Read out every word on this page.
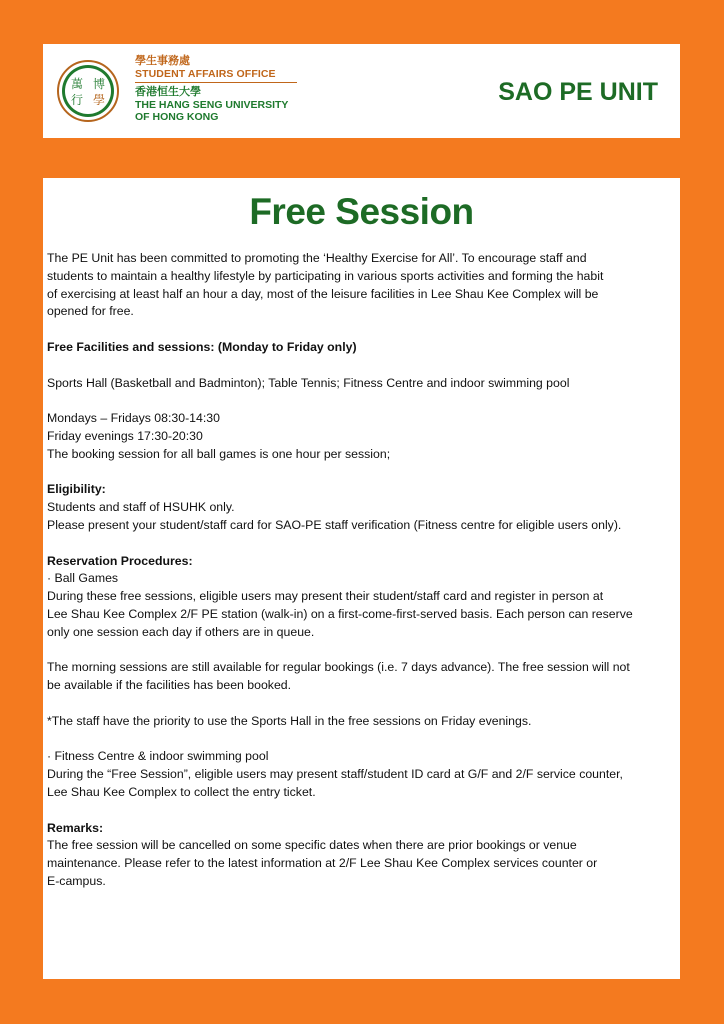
萬 博
行 學
學生事務處
STUDENT AFFAIRS OFFICE
香港恒生大學
THE HANG SENG UNIVERSITY
OF HONG KONG
SAO PE UNIT
Free Session

The PE Unit has been committed to promoting the ‘Healthy Exercise for All’. To encourage staff and

students to maintain a healthy lifestyle by participating in various sports activities and forming the habit

of exercising at least half an hour a day, most of the leisure facilities in Lee Shau Kee Complex will be

opened for free.

Free Facilities and sessions: (Monday to Friday only)

Sports Hall (Basketball and Badminton); Table Tennis; Fitness Centre and indoor swimming pool

Mondays – Fridays 08:30-14:30

Friday evenings 17:30-20:30

The booking session for all ball games is one hour per session;

Eligibility:

Students and staff of HSUHK only.

Please present your student/staff card for SAO-PE staff verification (Fitness centre for eligible users only).

Reservation Procedures:

· Ball Games

During these free sessions, eligible users may present their student/staff card and register in person at

Lee Shau Kee Complex 2/F PE station (walk-in) on a first-come-first-served basis. Each person can reserve

only one session each day if others are in queue.

The morning sessions are still available for regular bookings (i.e. 7 days advance). The free session will not

be available if the facilities has been booked.

*The staff have the priority to use the Sports Hall in the free sessions on Friday evenings.

· Fitness Centre & indoor swimming pool

During the “Free Session”, eligible users may present staff/student ID card at G/F and 2/F service counter,

Lee Shau Kee Complex to collect the entry ticket.

Remarks:

The free session will be cancelled on some specific dates when there are prior bookings or venue

maintenance. Please refer to the latest information at 2/F Lee Shau Kee Complex services counter or

E-campus.
